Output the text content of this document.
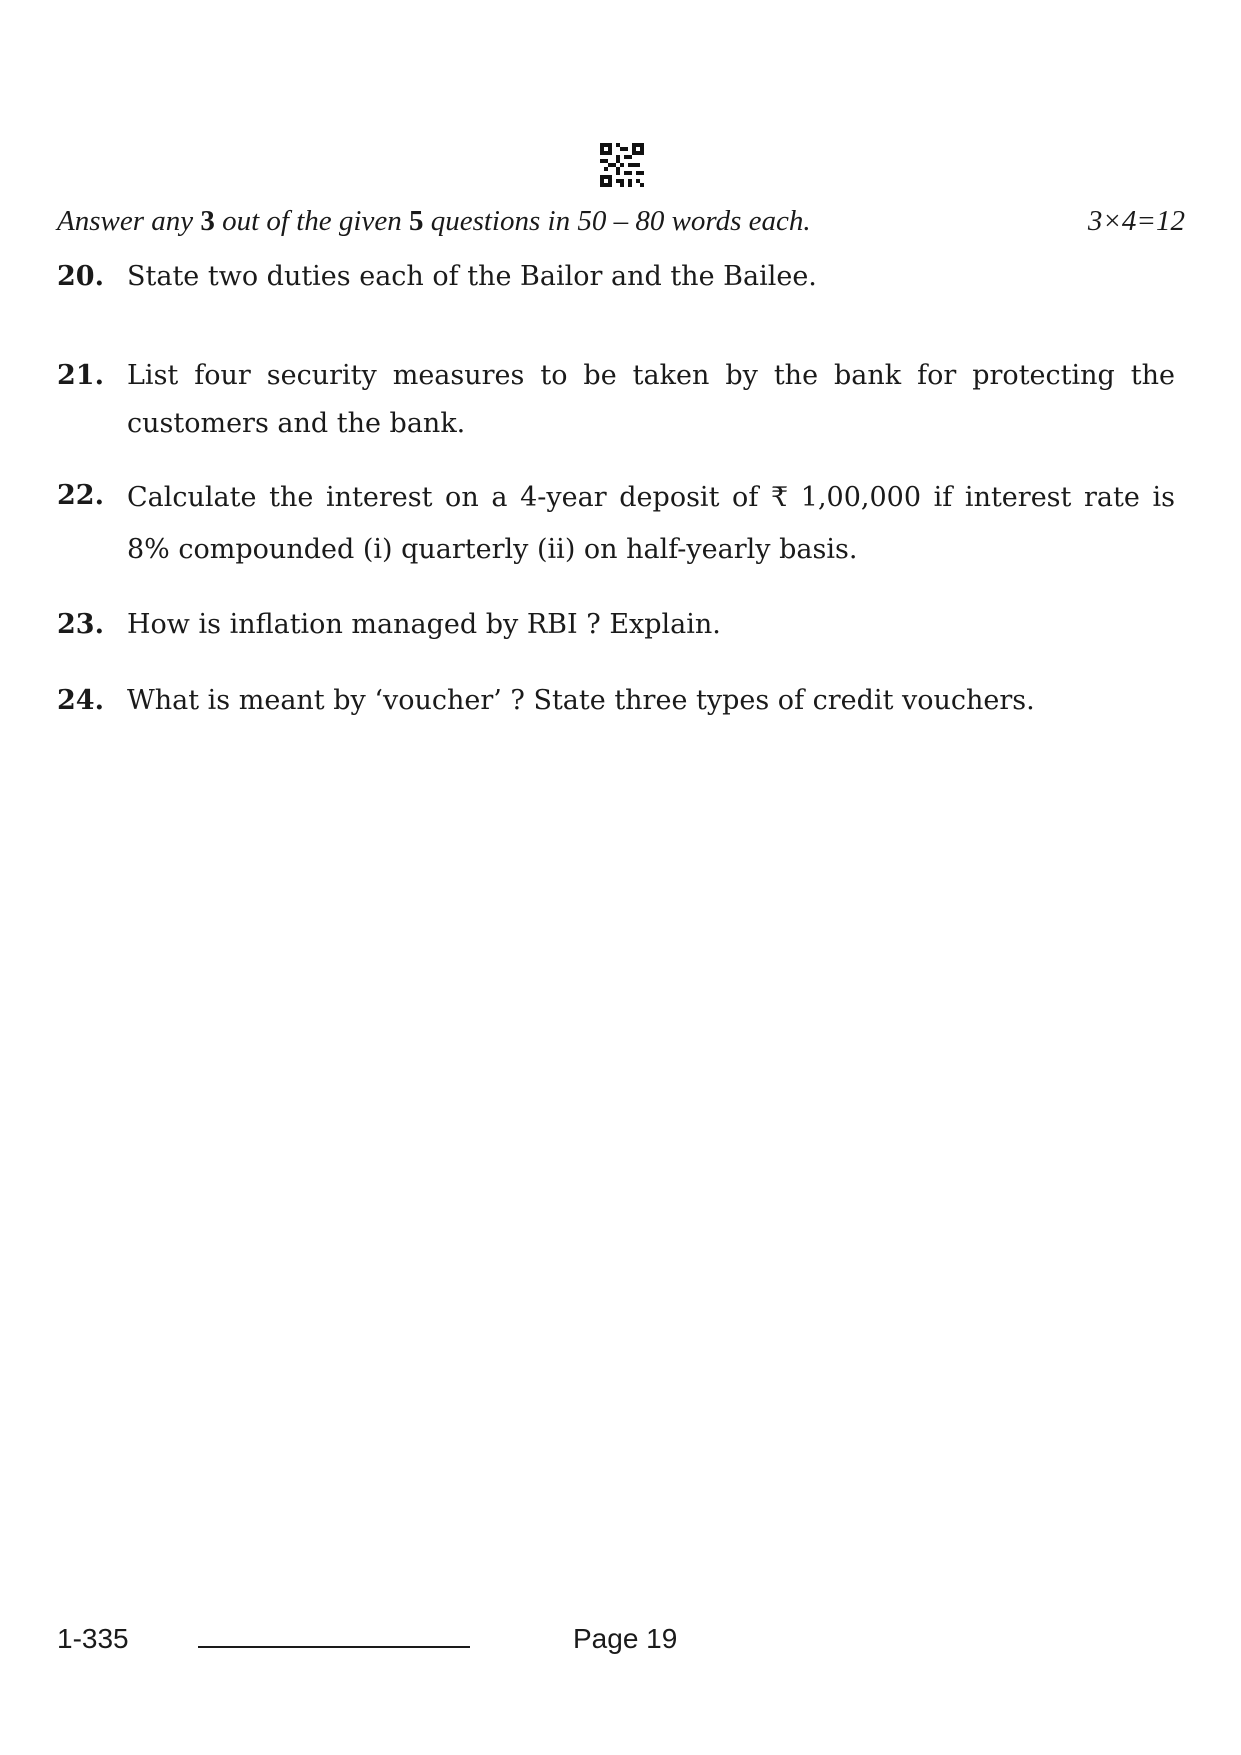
Answer any 3 out of the given 5 questions in 50 – 80 words each.	3×4=12
20. State two duties each of the Bailor and the Bailee.
21. List four security measures to be taken by the bank for protecting the
customers and the bank.
22. Calculate the interest on a 4-year deposit of ₹ 1,00,000 if interest rate is
8% compounded (i) quarterly (ii) on half-yearly basis.
23. How is inflation managed by RBI ? Explain.
24. What is meant by ‘voucher’ ? State three types of credit vouchers.
1-335	Page 19
